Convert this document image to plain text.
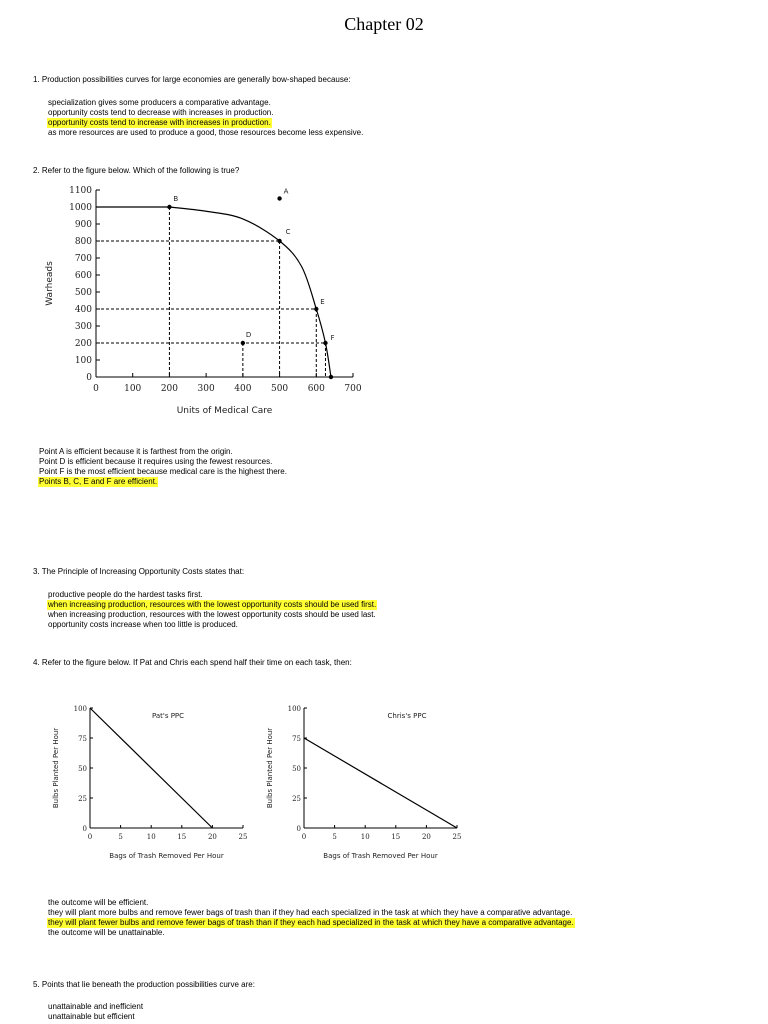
Chapter 02
1. Production possibilities curves for large economies are generally bow-shaped because:
specialization gives some producers a comparative advantage.
opportunity costs tend to decrease with increases in production.
opportunity costs tend to increase with increases in production.
as more resources are used to produce a good, those resources become less expensive.
2. Refer to the figure below. Which of the following is true?
0
100
200
300
400
500
600
700
800
900
1000
1100
0	100 200 300 400 500 600 700
Units of Medical Care
Warheads
A
B
C
D
E
F
Point A is efficient because it is farthest from the origin.
Point D is efficient because it requires using the fewest resources.
Point F is the most efficient because medical care is the highest there.
Points B, C, E and F are efficient.
3. The Principle of Increasing Opportunity Costs states that:
productive people do the hardest tasks first.
when increasing production, resources with the lowest opportunity costs should be used first.
when increasing production, resources with the lowest opportunity costs should be used last.
opportunity costs increase when too little is produced.
4. Refer to the figure below. If Pat and Chris each spend half their time on each task, then:
0
25
50
75
100
0	5	10	15	20	25
Pat's PPC
Bags of Trash Removed Per Hour
Bulbs Planted Per Hour
0
25
50
75
100
0	5	10	15	20	25
Chris's PPC
Bags of Trash Removed Per Hour
Bulbs Planted Per Hour
the outcome will be efficient.
they will plant more bulbs and remove fewer bags of trash than if they had each specialized in the task at which they have a comparative advantage.
they will plant fewer bulbs and remove fewer bags of trash than if they each had specialized in the task at which they have a comparative advantage.
the outcome will be unattainable.
5. Points that lie beneath the production possibilities curve are:
unattainable and inefficient
unattainable but efficient
